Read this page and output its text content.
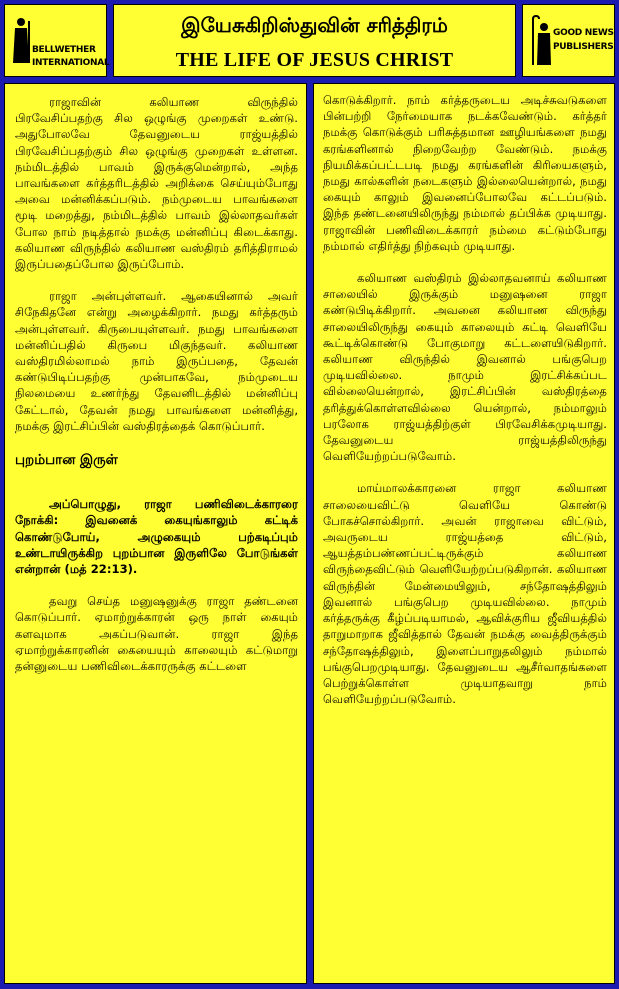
BELLWETHER
INTERNATIONAL
இயேசுகிறிஸ்துவின் சரித்திரம்
THE LIFE OF JESUS CHRIST
GOOD NEWS
PUBLISHERS

ராஜாவின் கலியாண விருந்தில் பிரவேசிப்பதற்கு சில ஒழுங்கு முறைகள் உண்டு. அதுபோலவே தேவனுடைய ராஜ்யத்தில் பிரவேசிப்பதற்கும் சில ஒழுங்கு முறைகள் உள்ளன. நம்மிடத்தில் பாவம் இருக்குமென்றால், அந்த பாவங்களை கர்த்தரிடத்தில் அறிக்கை செய்யும்போது அவை மன்னிக்கப்படும். நம்முடைய பாவங்களை மூடி மறைத்து, நம்மிடத்தில் பாவம் இல்லாதவர்கள் போல நாம் நடித்தால் நமக்கு மன்னிப்பு கிடைக்காது. கலியாண விருந்தில் கலியாண வஸ்திரம் தரித்திராமல் இருப்பதைப்போல இருப்போம்.

ராஜா அன்புள்ளவர். ஆகையினால் அவர் சிநேகிதனே என்று அழைக்கிறார். நமது கர்த்தரும் அன்புள்ளவர். கிருபையுள்ளவர். நமது பாவங்களை மன்னிப்பதில் கிருபை மிகுந்தவர். கலியாண வஸ்திரமில்லாமல் நாம் இருப்பதை, தேவன் கண்டுபிடிப்பதற்கு முன்பாகவே, நம்முடைய நிலமையை உணர்ந்து தேவனிடத்தில் மன்னிப்பு கேட்டால், தேவன் நமது பாவங்களை மன்னித்து, நமக்கு இரட்சிப்பின் வஸ்திரத்தைக் கொடுப்பார்.

புறம்பான இருள்

அப்பொழுது, ராஜா பணிவிடைக்காரரை நோக்கி: இவனைக் கையுங்காலும் கட்டிக் கொண்டுபோய், அழுகையும் பற்கடிப்பும் உண்டாயிருக்கிற புறம்பான இருளிலே போடுங்கள் என்றான் (மத் 22:13).

தவறு செய்த மனுஷனுக்கு ராஜா தண்டனை கொடுப்பார். ஏமாற்றுக்காரன் ஒரு நாள் கையும் களவுமாக அகப்படுவான். ராஜா இந்த ஏமாற்றுக்காரனின் கையையும் காலையும் கட்டுமாறு தன்னுடைய பணிவிடைக்காரருக்கு கட்டளை

கொடுக்கிறார். நாம் கர்த்தருடைய அடிச்சுவடுகளை பின்பற்றி நேர்மையாக நடக்கவேண்டும். கர்த்தர் நமக்கு கொடுக்கும் பரிசுத்தமான ஊழியங்களை நமது கரங்களினால் நிறைவேற்ற வேண்டும். நமக்கு நியமிக்கப்பட்டபடி நமது கரங்களின் கிரியைகளும், நமது கால்களின் நடைகளும் இல்லையென்றால், நமது கையும் காலும் இவனைப்போலவே கட்டப்படும். இந்த தண்டனையிலிருந்து நம்மால் தப்பிக்க முடியாது. ராஜாவின் பணிவிடைக்காரர் நம்மை கட்டும்போது நம்மால் எதிர்த்து நிற்கவும் முடியாது.

கலியாண வஸ்திரம் இல்லாதவனாய் கலியாண சாலையில் இருக்கும் மனுஷனை ராஜா கண்டுபிடிக்கிறார். அவனை கலியாண விருந்து சாலையிலிருந்து கையும் காலையும் கட்டி வெளியே கூட்டிக்கொண்டு போகுமாறு கட்டளையிடுகிறார். கலியாண விருந்தில் இவனால் பங்குபெற முடியவில்லை. நாமும் இரட்சிக்கப்பட வில்லையென்றால், இரட்சிப்பின் வஸ்திரத்தை தரித்துக்கொள்ளவில்லை யென்றால், நம்மாலும் பரலோக ராஜ்யத்திற்குள் பிரவேசிக்கமுடியாது. தேவனுடைய ராஜ்யத்திலிருந்து வெளியேற்றப்படுவோம்.

மாய்மாலக்காரனை ராஜா கலியாண சாலையைவிட்டு வெளியே கொண்டு போகச்சொல்கிறார். அவன் ராஜாவை விட்டும், அவருடைய ராஜ்யத்தை விட்டும், ஆயத்தம்பண்ணப்பட்டிருக்கும் கலியாண விருந்தைவிட்டும் வெளியேற்றப்படுகிறான். கலியாண விருந்தின் மேன்மையிலும், சந்தோஷத்திலும் இவனால் பங்குபெற முடியவில்லை. நாமும் கர்த்தருக்கு கீழ்ப்படியாமல், ஆவிக்குரிய ஜீவியத்தில் தாறுமாறாக ஜீவித்தால் தேவன் நமக்கு வைத்திருக்கும் சந்தோஷத்திலும், இளைப்பாறுதலிலும் நம்மால் பங்குபெறமுடியாது. தேவனுடைய ஆசீர்வாதங்களை பெற்றுக்கொள்ள முடியாதவாறு நாம் வெளியேற்றப்படுவோம்.
